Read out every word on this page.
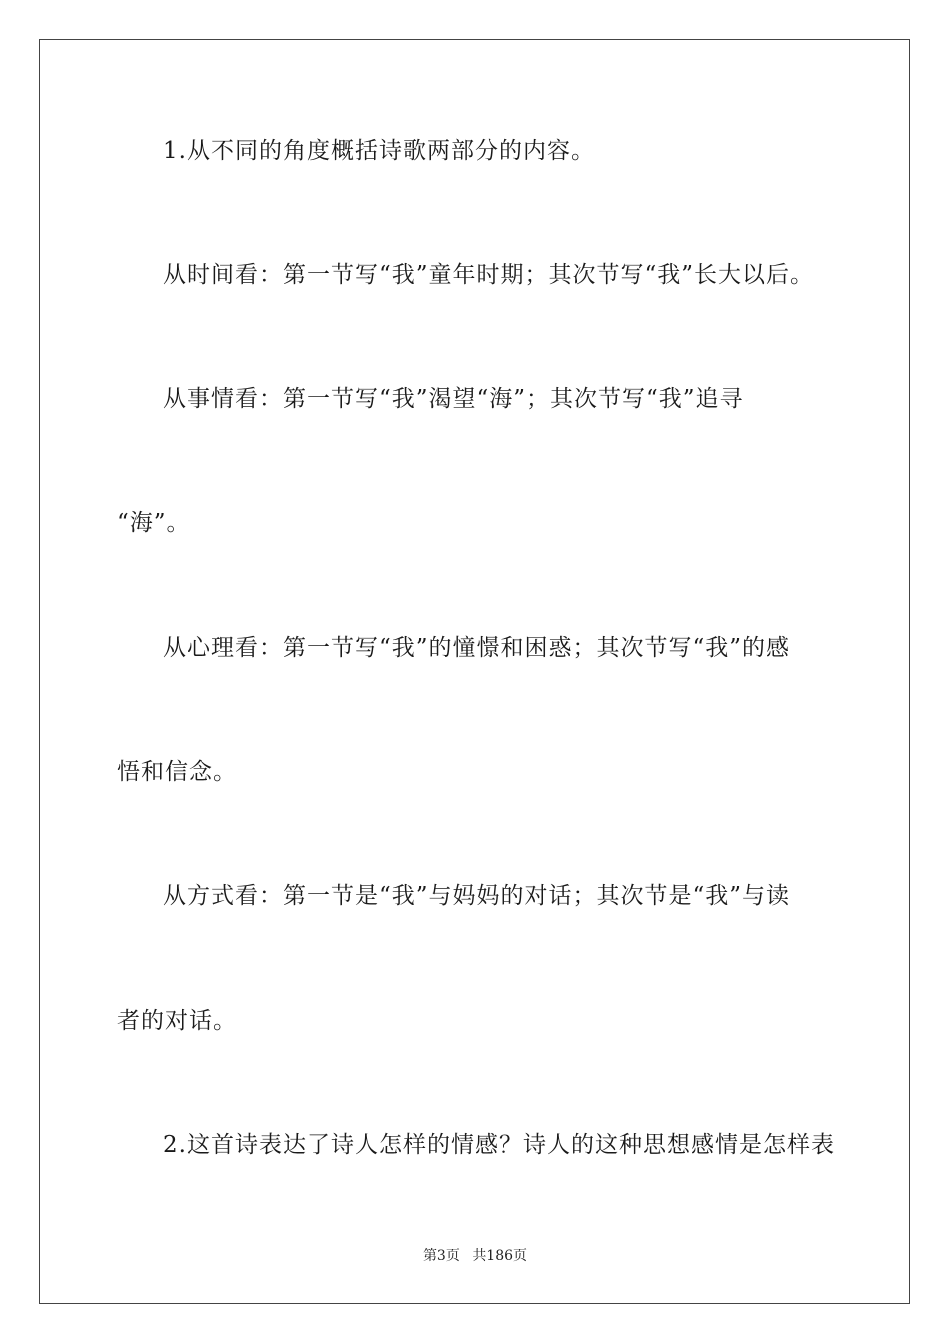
1.从不同的角度概括诗歌两部分的内容。
从时间看：第一节写“我”童年时期；其次节写“我”长大以后。
从事情看：第一节写“我”渴望“海”；其次节写“我”追寻
“海”。
从心理看：第一节写“我”的憧憬和困惑；其次节写“我”的感
悟和信念。
从方式看：第一节是“我”与妈妈的对话；其次节是“我”与读
者的对话。
2.这首诗表达了诗人怎样的情感？诗人的这种思想感情是怎样表
第3页 共186页
